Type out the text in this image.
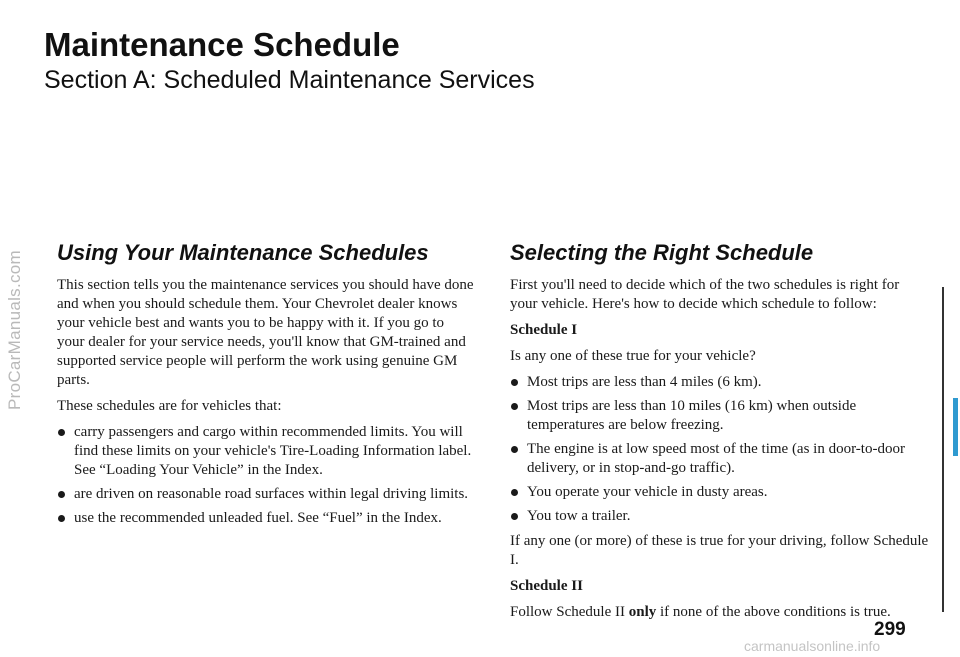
ProCarManuals.com
Maintenance Schedule
Section A: Scheduled Maintenance Services
Using Your Maintenance Schedules

This section tells you the maintenance services you should have done and when you should schedule them. Your Chevrolet dealer knows your vehicle best and wants you to be happy with it. If you go to your dealer for your service needs, you'll know that GM-trained and supported service people will perform the work using genuine GM parts.

These schedules are for vehicles that:

carry passengers and cargo within recommended limits. You will find these limits on your vehicle's Tire-Loading Information label. See “Loading Your Vehicle” in the Index.
are driven on reasonable road surfaces within legal driving limits.
use the recommended unleaded fuel. See “Fuel” in the Index.
Selecting the Right Schedule

First you'll need to decide which of the two schedules is right for your vehicle. Here's how to decide which schedule to follow:

Schedule I

Is any one of these true for your vehicle?

Most trips are less than 4 miles (6 km).
Most trips are less than 10 miles (16 km) when outside temperatures are below freezing.
The engine is at low speed most of the time (as in door-to-door delivery, or in stop-and-go traffic).
You operate your vehicle in dusty areas.
You tow a trailer.

If any one (or more) of these is true for your driving, follow Schedule I.

Schedule II

Follow Schedule II only if none of the above conditions is true.

299
carmanualsonline.info
